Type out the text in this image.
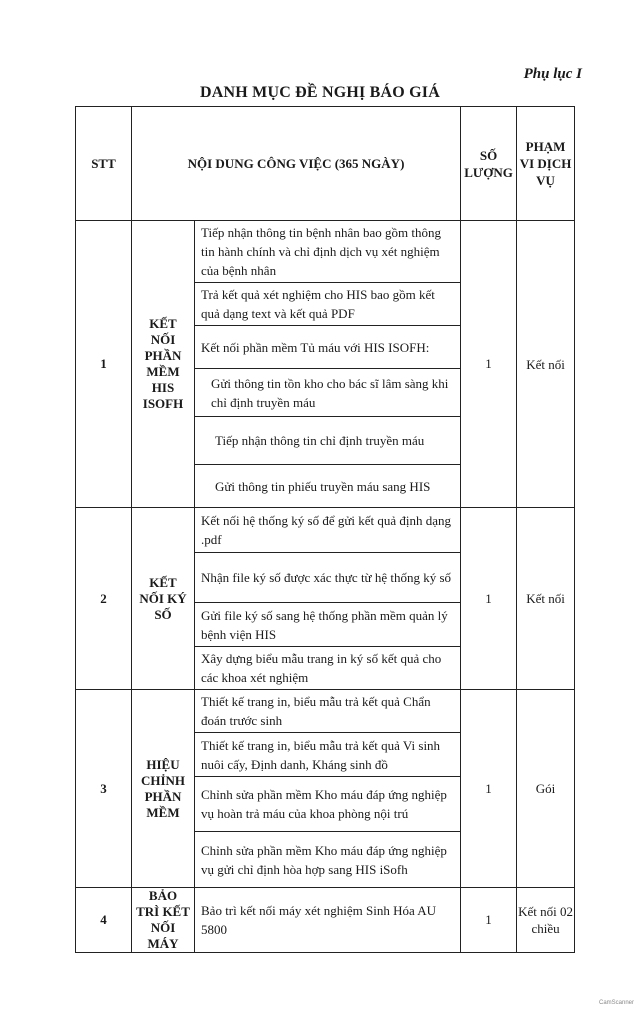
Phụ lục I
DANH MỤC ĐỀ NGHỊ BÁO GIÁ
STT	NỘI DUNG CÔNG VIỆC (365 NGÀY)		SỐ LƯỢNG	PHẠM VI DỊCH VỤ
1	KẾT NỐI PHẦN MỀM HIS ISOFH	Tiếp nhận thông tin bệnh nhân bao gồm thông tin hành chính và chỉ định dịch vụ xét nghiệm của bệnh nhân	1	Kết nối
		Trả kết quả xét nghiệm cho HIS bao gồm kết quả dạng text và kết quả PDF		
		Kết nối phần mềm Tủ máu với HIS ISOFH:		
		Gửi thông tin tồn kho cho bác sĩ lâm sàng khi chỉ định truyền máu		
		Tiếp nhận thông tin chỉ định truyền máu		
		Gửi thông tin phiếu truyền máu sang HIS		
2	KẾT NỐI KÝ SỐ	Kết nối hệ thống ký số để gửi kết quả định dạng .pdf	1	Kết nối
		Nhận file ký số được xác thực từ hệ thống ký số		
		Gửi file ký số sang hệ thống phần mềm quản lý bệnh viện HIS		
		Xây dựng biểu mẫu trang in ký số kết quả cho các khoa xét nghiệm		
3	HIỆU CHỈNH PHẦN MỀM	Thiết kế trang in, biểu mẫu trả kết quả Chẩn đoán trước sinh	1	Gói
		Thiết kế trang in, biểu mẫu trả kết quả Vi sinh nuôi cấy, Định danh, Kháng sinh đồ		
		Chỉnh sửa phần mềm Kho máu đáp ứng nghiệp vụ hoàn trả máu của khoa phòng nội trú		
		Chỉnh sửa phần mềm Kho máu đáp ứng nghiệp vụ gửi chỉ định hòa hợp sang HIS iSofh		
4	BẢO TRÌ KẾT NỐI MÁY	Bảo trì kết nối máy xét nghiệm Sinh Hóa AU 5800	1	Kết nối 02 chiều
CamScanner
